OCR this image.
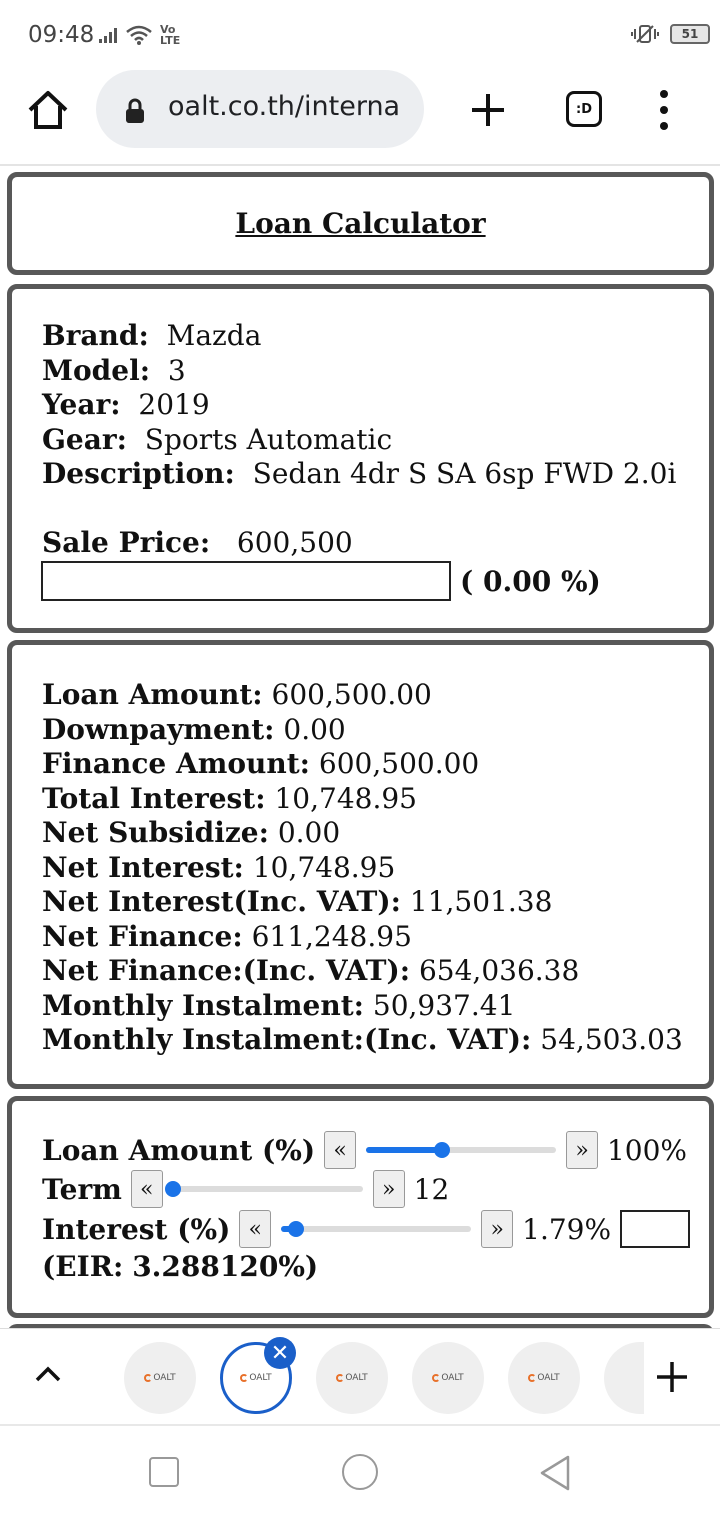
09:48	Vo LTE	51
oalt.co.th/interna	:D
Loan Calculator
Brand: Mazda
Model: 3
Year: 2019
Gear: Sports Automatic
Description: Sedan 4dr S SA 6sp FWD 2.0i
Sale Price: 600,500
( 0.00 %)
Loan Amount: 600,500.00
Downpayment: 0.00
Finance Amount: 600,500.00
Total Interest: 10,748.95
Net Subsidize: 0.00
Net Interest: 10,748.95
Net Interest(Inc. VAT): 11,501.38
Net Finance: 611,248.95
Net Finance:(Inc. VAT): 654,036.38
Monthly Instalment: 50,937.41
Monthly Instalment:(Inc. VAT): 54,503.03
Loan Amount (%)
«	»
100%
Term
«	»
12
Interest (%)
«	»
1.79%

(EIR: 3.288120%)
OALT	OALT	OALT	OALT	OALT
✕
